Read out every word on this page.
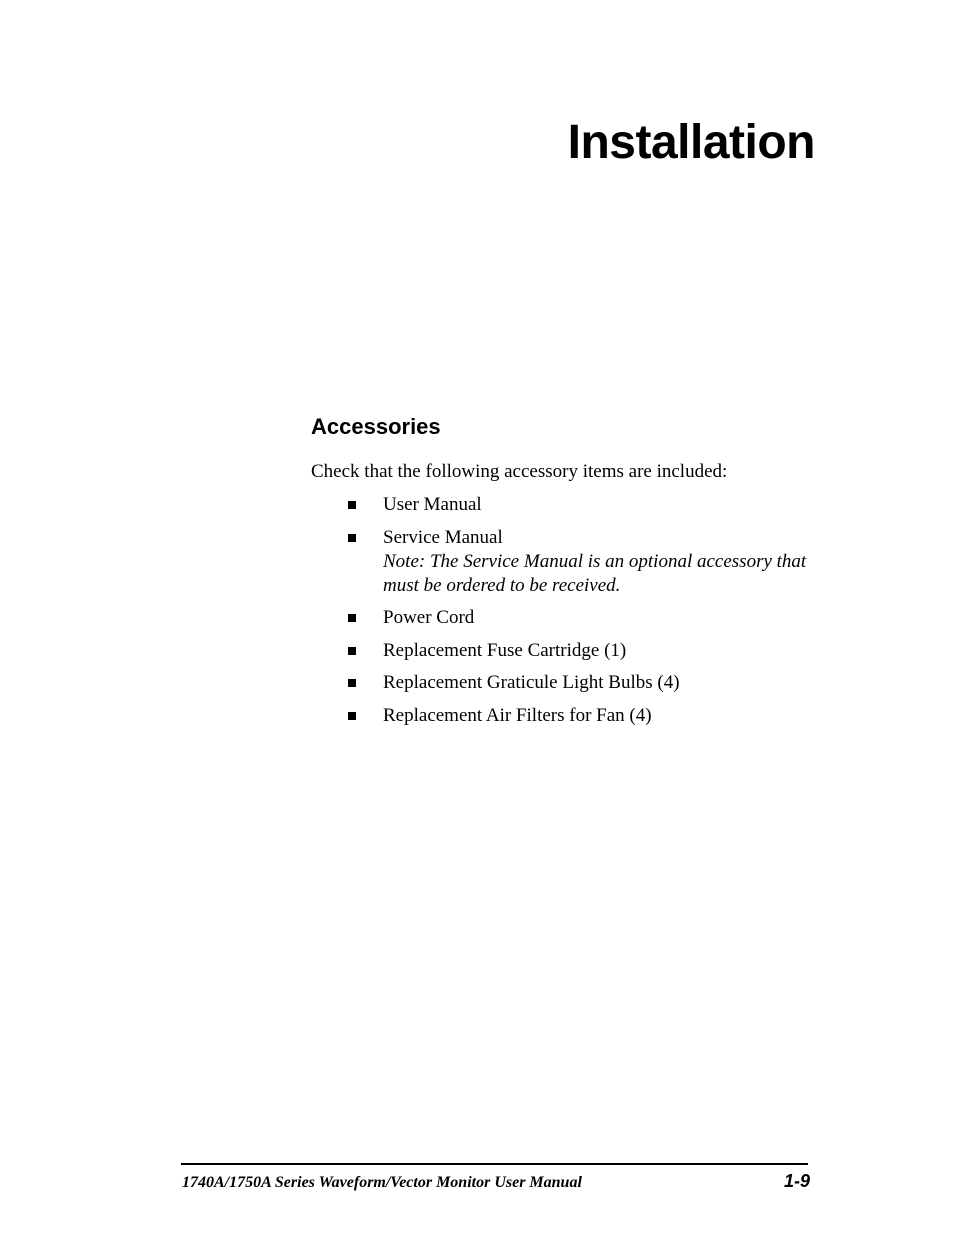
Installation
Accessories

Check that the following accessory items are included:

User Manual
Service Manual
Note: The Service Manual is an optional accessory that must be ordered to be received.
Power Cord
Replacement Fuse Cartridge (1)
Replacement Graticule Light Bulbs (4)
Replacement Air Filters for Fan (4)

1740A/1750A Series Waveform/Vector Monitor User Manual	1-9
